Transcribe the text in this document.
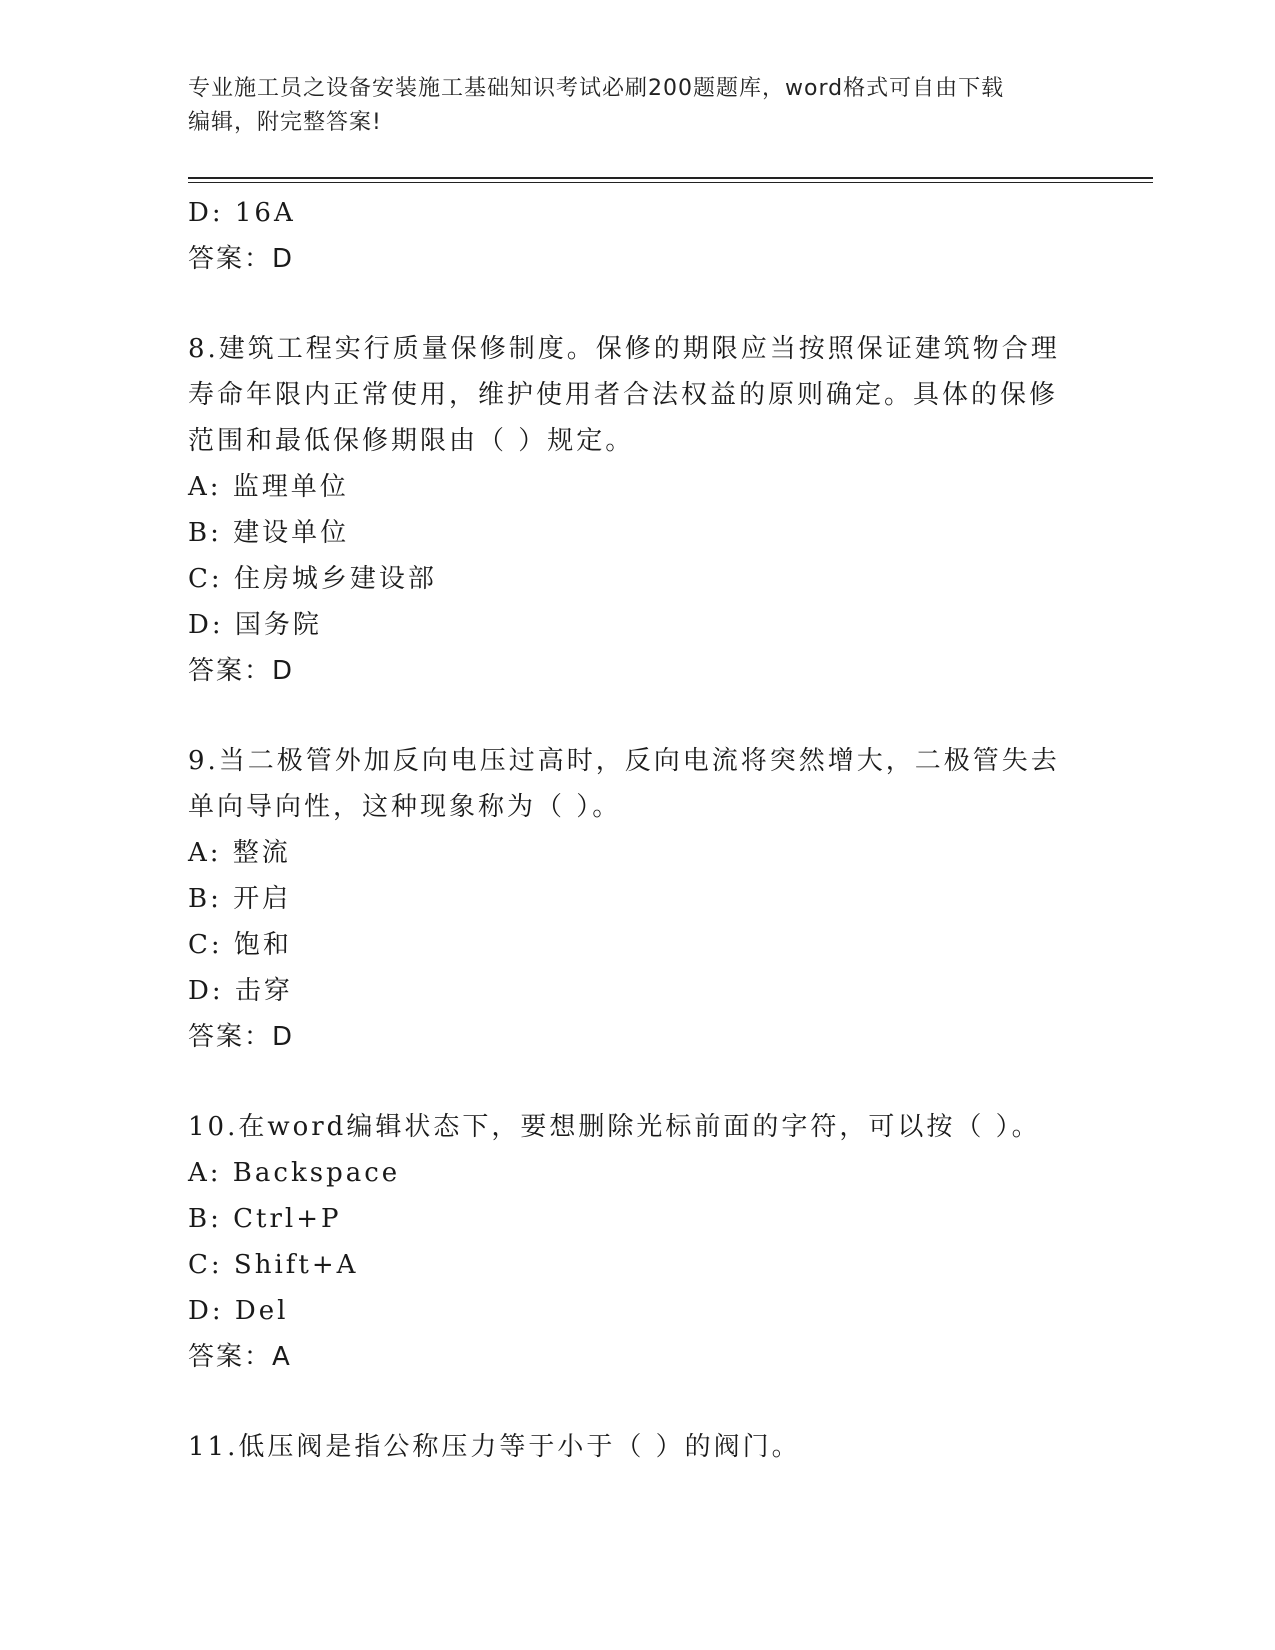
专业施工员之设备安装施工基础知识考试必刷200题题库，word格式可自由下载
编辑，附完整答案!
D: 16A
答案：D
8.建筑工程实行质量保修制度。保修的期限应当按照保证建筑物合理
寿命年限内正常使用，维护使用者合法权益的原则确定。具体的保修
范围和最低保修期限由（ ）规定。
A: 监理单位
B: 建设单位
C: 住房城乡建设部
D: 国务院
答案：D
9.当二极管外加反向电压过高时，反向电流将突然增大，二极管失去
单向导向性，这种现象称为（ ）。
A: 整流
B: 开启
C: 饱和
D: 击穿
答案：D
10.在word编辑状态下，要想删除光标前面的字符，可以按（ ）。
A: Backspace
B: Ctrl+P
C: Shift+A
D: Del
答案：A
11.低压阀是指公称压力等于小于（ ）的阀门。
